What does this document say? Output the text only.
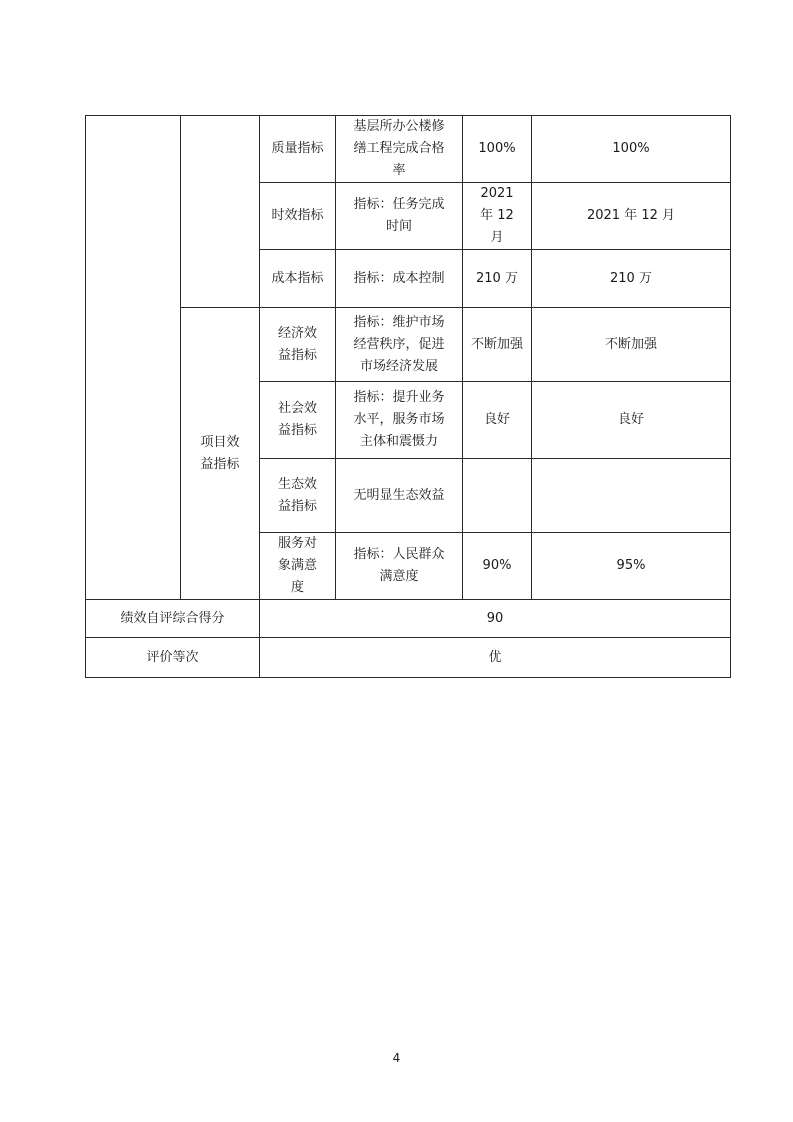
		质量指标	基层所办公楼修缮工程完成合格率	100%	100%
		时效指标	指标：任务完成时间	2021 年 12 月	2021 年 12 月
		成本指标	指标：成本控制	210 万	210 万
	项目效益指标	经济效益指标	指标：维护市场经营秩序，促进市场经济发展	不断加强	不断加强
		社会效益指标	指标：提升业务水平，服务市场主体和震慑力	良好	良好
		生态效益指标	无明显生态效益		
		服务对象满意度	指标：人民群众满意度	90%	95%
绩效自评综合得分		90			
评价等次		优			
4
